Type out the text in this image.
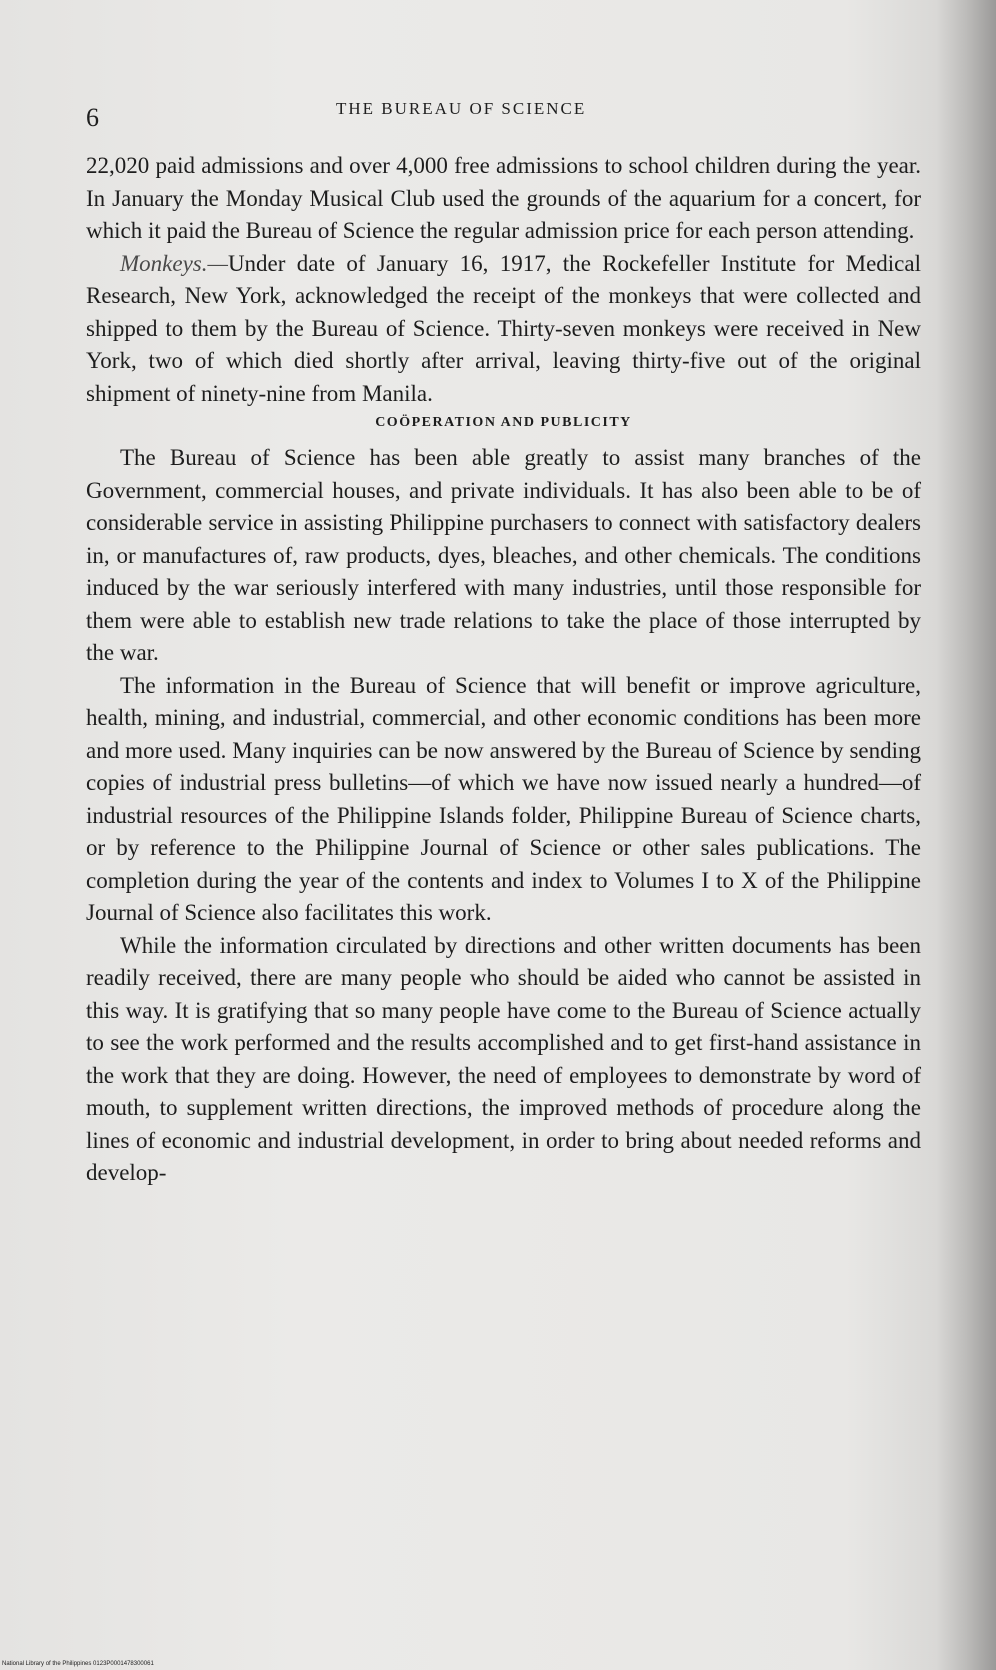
6	THE BUREAU OF SCIENCE

22,020 paid admissions and over 4,000 free admissions to school children during the year. In January the Monday Musical Club used the grounds of the aquarium for a concert, for which it paid the Bureau of Science the regular admission price for each person attending.

Monkeys.—Under date of January 16, 1917, the Rockefeller Institute for Medical Research, New York, acknowledged the receipt of the monkeys that were collected and shipped to them by the Bureau of Science. Thirty-seven monkeys were received in New York, two of which died shortly after arrival, leaving thirty-five out of the original shipment of ninety-nine from Manila.

COÖPERATION AND PUBLICITY

The Bureau of Science has been able greatly to assist many branches of the Government, commercial houses, and private individuals. It has also been able to be of considerable service in assisting Philippine purchasers to connect with satisfactory dealers in, or manufactures of, raw products, dyes, bleaches, and other chemicals. The conditions induced by the war seriously interfered with many industries, until those responsible for them were able to establish new trade relations to take the place of those interrupted by the war.

The information in the Bureau of Science that will benefit or improve agriculture, health, mining, and industrial, commercial, and other economic conditions has been more and more used. Many inquiries can be now answered by the Bureau of Science by sending copies of industrial press bulletins—of which we have now issued nearly a hundred—of industrial resources of the Philippine Islands folder, Philippine Bureau of Science charts, or by reference to the Philippine Journal of Science or other sales publications. The completion during the year of the contents and index to Volumes I to X of the Philippine Journal of Science also facilitates this work.

While the information circulated by directions and other written documents has been readily received, there are many people who should be aided who cannot be assisted in this way. It is gratifying that so many people have come to the Bureau of Science actually to see the work performed and the results accomplished and to get first-hand assistance in the work that they are doing. However, the need of employees to demonstrate by word of mouth, to supplement written directions, the improved methods of procedure along the lines of economic and industrial development, in order to bring about needed reforms and develop-

National Library of the Philippines 0123P0001478300061
